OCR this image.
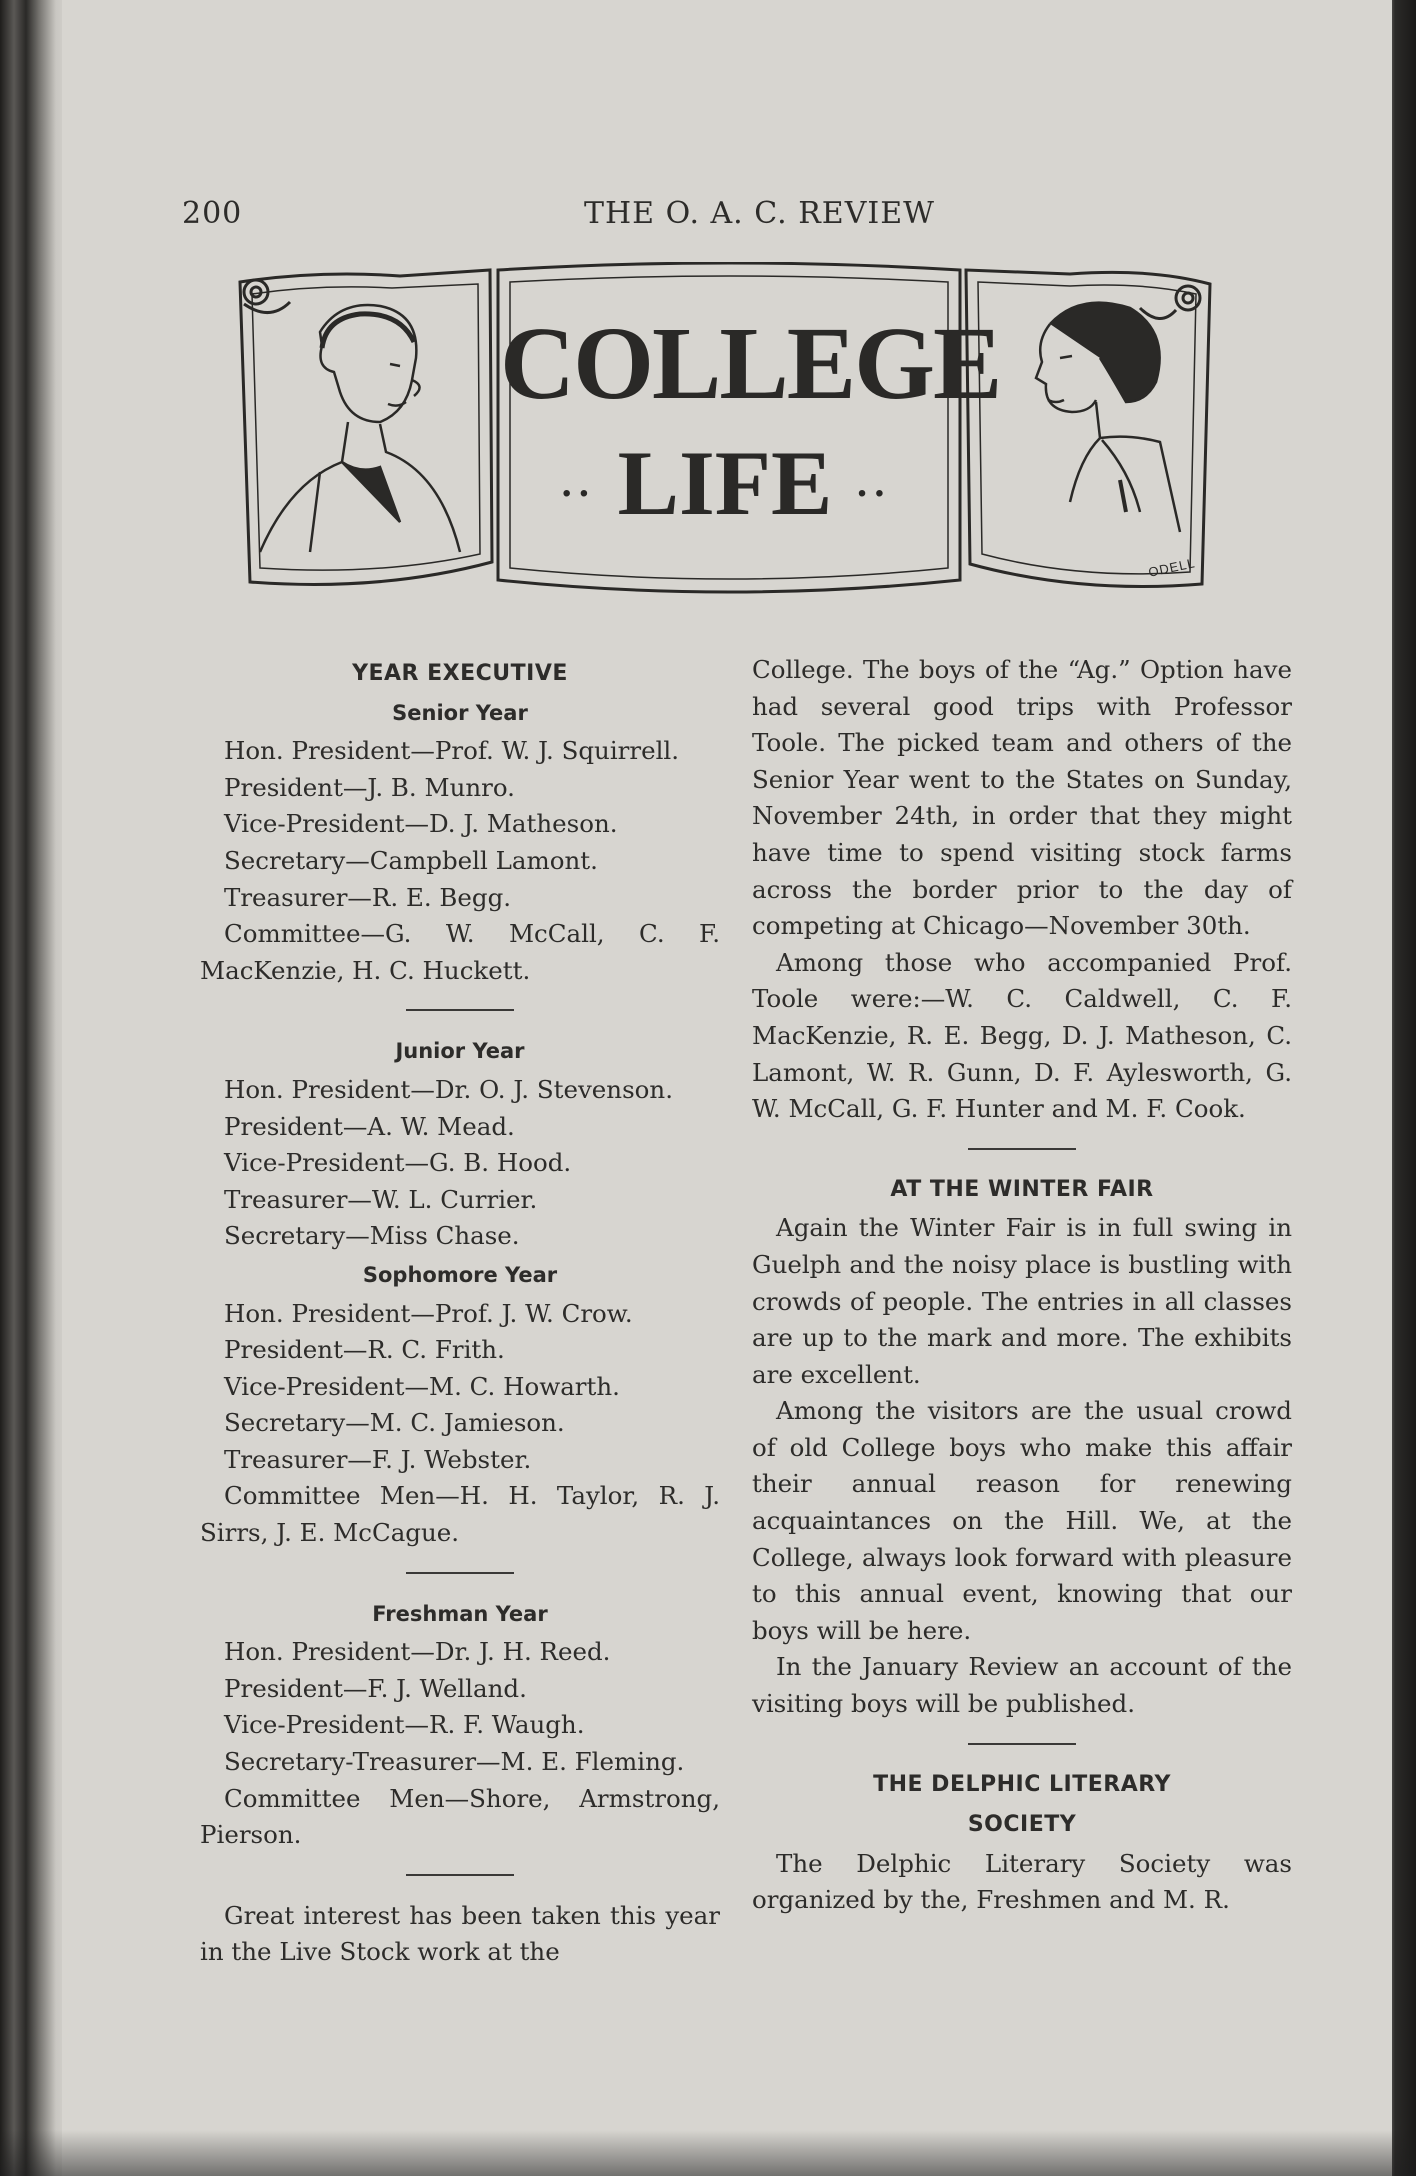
200	THE O. A. C. REVIEW
COLLEGE
·· LIFE ··
ODELL
YEAR EXECUTIVE
Senior Year
Hon. President—Prof. W. J. Squirrell.
President—J. B. Munro.
Vice-President—D. J. Matheson.
Secretary—Campbell Lamont.
Treasurer—R. E. Begg.
Committee—G. W. McCall, C. F. MacKenzie, H. C. Huckett.
Junior Year
Hon. President—Dr. O. J. Stevenson.
President—A. W. Mead.
Vice-President—G. B. Hood.
Treasurer—W. L. Currier.
Secretary—Miss Chase.
Sophomore Year
Hon. President—Prof. J. W. Crow.
President—R. C. Frith.
Vice-President—M. C. Howarth.
Secretary—M. C. Jamieson.
Treasurer—F. J. Webster.
Committee Men—H. H. Taylor, R. J. Sirrs, J. E. McCague.
Freshman Year
Hon. President—Dr. J. H. Reed.
President—F. J. Welland.
Vice-President—R. F. Waugh.
Secretary-Treasurer—M. E. Fleming.
Committee Men—Shore, Armstrong, Pierson.

Great interest has been taken this year in the Live Stock work at the

College. The boys of the “Ag.” Option have had several good trips with Professor Toole. The picked team and others of the Senior Year went to the States on Sunday, November 24th, in order that they might have time to spend visiting stock farms across the border prior to the day of competing at Chicago—November 30th.

Among those who accompanied Prof. Toole were:—W. C. Caldwell, C. F. MacKenzie, R. E. Begg, D. J. Matheson, C. Lamont, W. R. Gunn, D. F. Aylesworth, G. W. McCall, G. F. Hunter and M. F. Cook.

AT THE WINTER FAIR

Again the Winter Fair is in full swing in Guelph and the noisy place is bustling with crowds of people. The entries in all classes are up to the mark and more. The exhibits are excellent.

Among the visitors are the usual crowd of old College boys who make this affair their annual reason for renewing acquaintances on the Hill. We, at the College, always look forward with pleasure to this annual event, knowing that our boys will be here.

In the January Review an account of the visiting boys will be published.

THE DELPHIC LITERARY
SOCIETY

The Delphic Literary Society was organized by the, Freshmen and M. R.
